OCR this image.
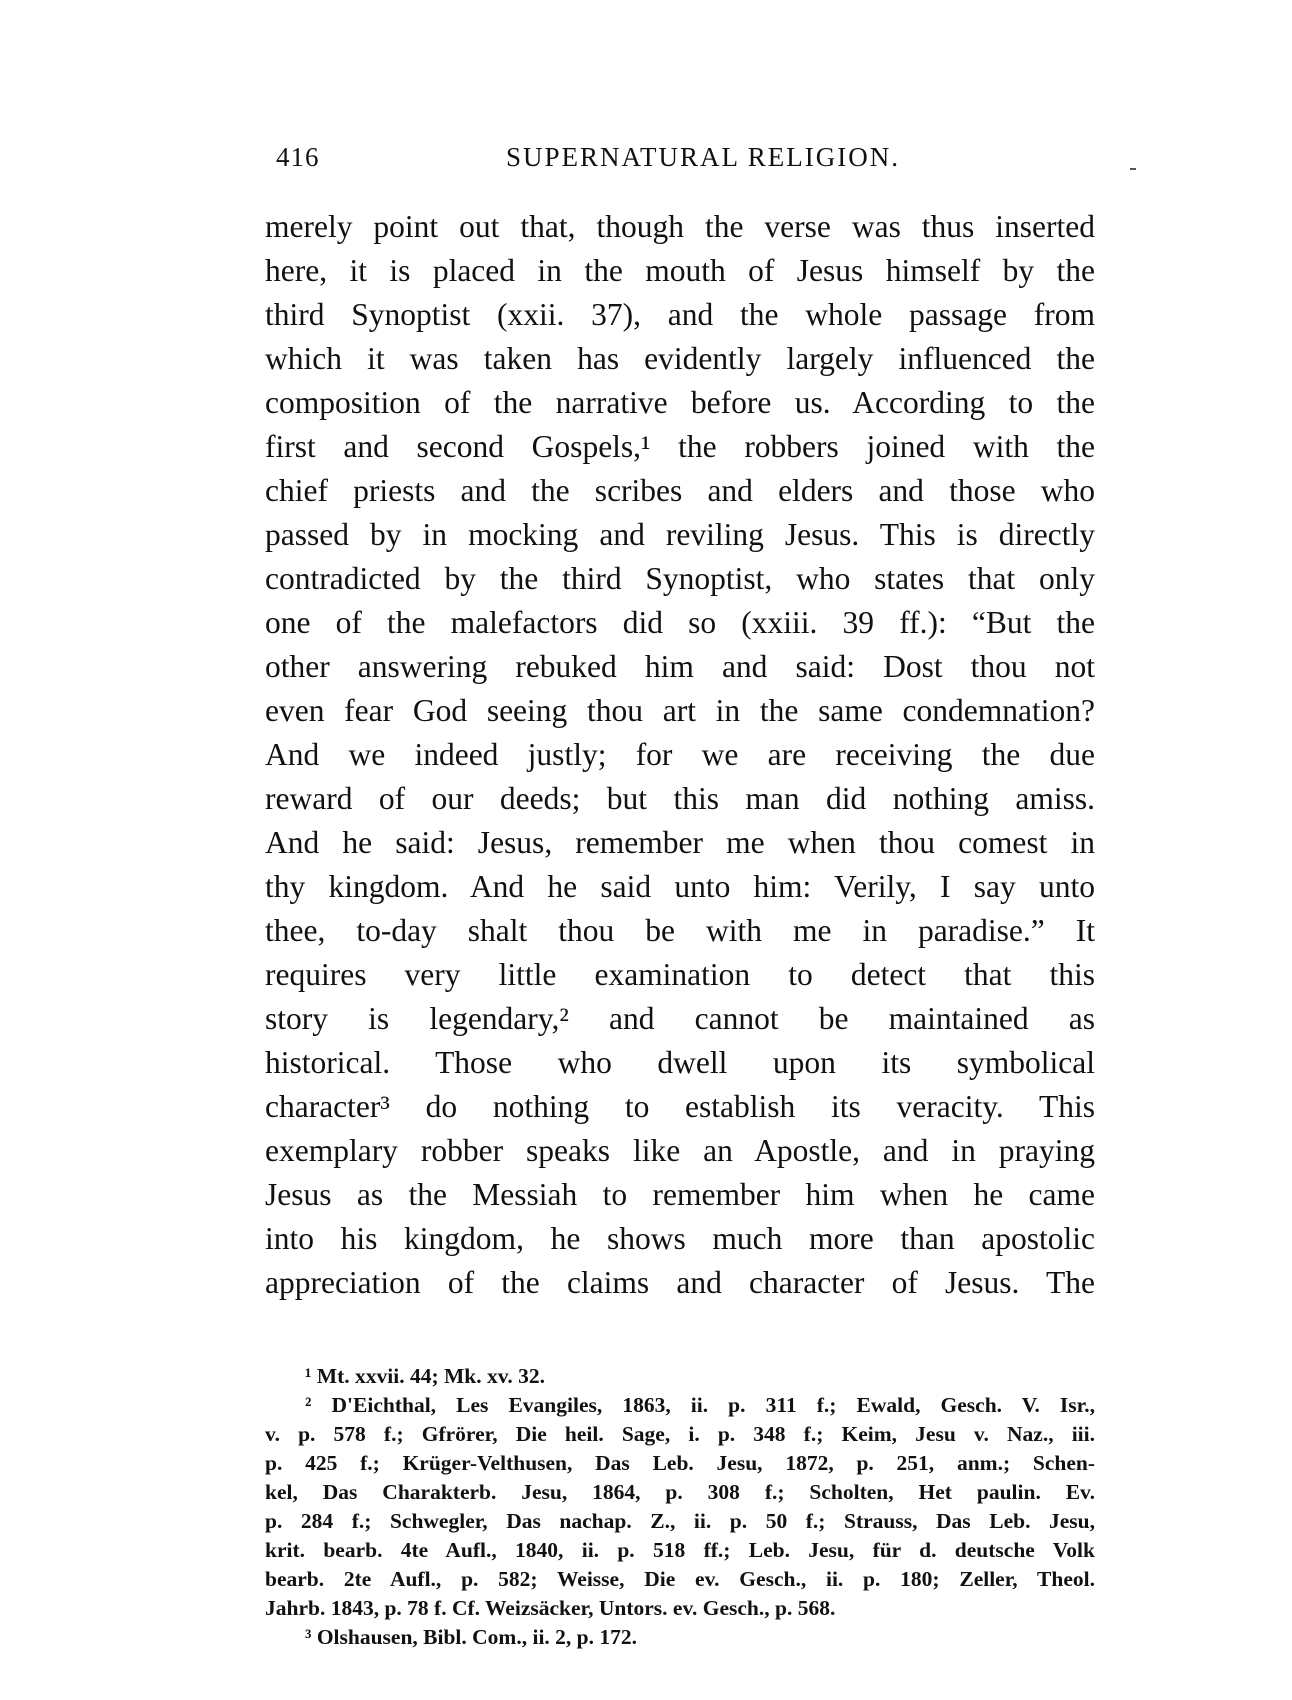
416	SUPERNATURAL RELIGION.
merely point out that, though the verse was thus inserted
here, it is placed in the mouth of Jesus himself by the
third Synoptist (xxii. 37), and the whole passage from
which it was taken has evidently largely influenced the
composition of the narrative before us. According to the
first and second Gospels,¹ the robbers joined with the
chief priests and the scribes and elders and those who
passed by in mocking and reviling Jesus. This is directly
contradicted by the third Synoptist, who states that only
one of the malefactors did so (xxiii. 39 ff.): “But the
other answering rebuked him and said: Dost thou not
even fear God seeing thou art in the same condemnation?
And we indeed justly; for we are receiving the due
reward of our deeds; but this man did nothing amiss.
And he said: Jesus, remember me when thou comest in
thy kingdom. And he said unto him: Verily, I say unto
thee, to-day shalt thou be with me in paradise.” It
requires very little examination to detect that this
story is legendary,² and cannot be maintained as
historical. Those who dwell upon its symbolical
character³ do nothing to establish its veracity. This
exemplary robber speaks like an Apostle, and in praying
Jesus as the Messiah to remember him when he came
into his kingdom, he shows much more than apostolic
appreciation of the claims and character of Jesus. The
¹ Mt. xxvii. 44; Mk. xv. 32.
² D'Eichthal, Les Evangiles, 1863, ii. p. 311 f.; Ewald, Gesch. V. Isr.,
v. p. 578 f.; Gfrörer, Die heil. Sage, i. p. 348 f.; Keim, Jesu v. Naz., iii.
p. 425 f.; Krüger-Velthusen, Das Leb. Jesu, 1872, p. 251, anm.; Schen-
kel, Das Charakterb. Jesu, 1864, p. 308 f.; Scholten, Het paulin. Ev.
p. 284 f.; Schwegler, Das nachap. Z., ii. p. 50 f.; Strauss, Das Leb. Jesu,
krit. bearb. 4te Aufl., 1840, ii. p. 518 ff.; Leb. Jesu, für d. deutsche Volk
bearb. 2te Aufl., p. 582; Weisse, Die ev. Gesch., ii. p. 180; Zeller, Theol.
Jahrb. 1843, p. 78 f. Cf. Weizsäcker, Untors. ev. Gesch., p. 568.
³ Olshausen, Bibl. Com., ii. 2, p. 172.
